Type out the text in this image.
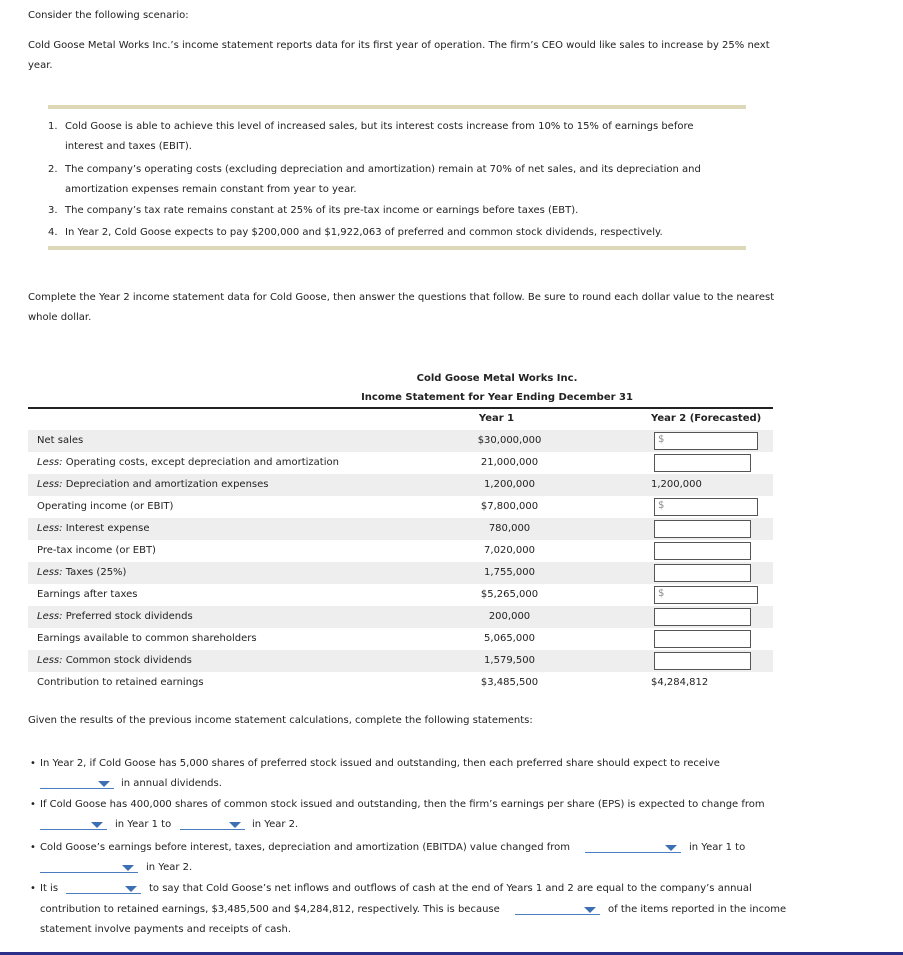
Consider the following scenario:
Cold Goose Metal Works Inc.’s income statement reports data for its first year of operation. The firm’s CEO would like sales to increase by 25% next
year.
1. Cold Goose is able to achieve this level of increased sales, but its interest costs increase from 10% to 15% of earnings before
interest and taxes (EBIT).
2. The company’s operating costs (excluding depreciation and amortization) remain at 70% of net sales, and its depreciation and
amortization expenses remain constant from year to year.
3. The company’s tax rate remains constant at 25% of its pre-tax income or earnings before taxes (EBT).
4. In Year 2, Cold Goose expects to pay $200,000 and $1,922,063 of preferred and common stock dividends, respectively.
Complete the Year 2 income statement data for Cold Goose, then answer the questions that follow. Be sure to round each dollar value to the nearest
whole dollar.
Cold Goose Metal Works Inc.
Income Statement for Year Ending December 31
Year 1	Year 2 (Forecasted)
Net sales	$30,000,000	$
Less: Operating costs, except depreciation and amortization	21,000,000
Less: Depreciation and amortization expenses	1,200,000	1,200,000
Operating income (or EBIT)	$7,800,000	$
Less: Interest expense	780,000
Pre-tax income (or EBT)	7,020,000
Less: Taxes (25%)	1,755,000
Earnings after taxes	$5,265,000	$
Less: Preferred stock dividends	200,000
Earnings available to common shareholders	5,065,000
Less: Common stock dividends	1,579,500
Contribution to retained earnings	$3,485,500	$4,284,812
Given the results of the previous income statement calculations, complete the following statements:
• In Year 2, if Cold Goose has 5,000 shares of preferred stock issued and outstanding, then each preferred share should expect to receive
in annual dividends.
• If Cold Goose has 400,000 shares of common stock issued and outstanding, then the firm’s earnings per share (EPS) is expected to change from
in Year 1 to	in Year 2.
• Cold Goose’s earnings before interest, taxes, depreciation and amortization (EBITDA) value changed from	in Year 1 to
in Year 2.
• It is	to say that Cold Goose’s net inflows and outflows of cash at the end of Years 1 and 2 are equal to the company’s annual
contribution to retained earnings, $3,485,500 and $4,284,812, respectively. This is because	of the items reported in the income
statement involve payments and receipts of cash.
